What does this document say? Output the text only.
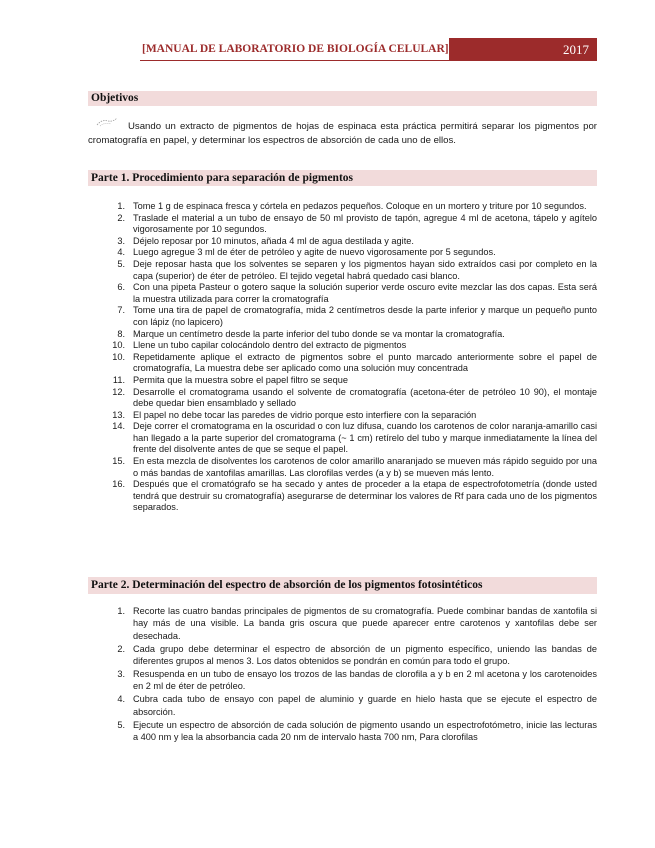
[MANUAL DE LABORATORIO DE BIOLOGÍA CELULAR]	2017
Objetivos

Usando un extracto de pigmentos de hojas de espinaca esta práctica permitirá separar los pigmentos por cromatografía en papel, y determinar los espectros de absorción de cada uno de ellos.

Parte 1. Procedimiento para separación de pigmentos
1. Tome 1 g de espinaca fresca y córtela en pedazos pequeños. Coloque en un mortero y triture por 10 segundos.
2. Traslade el material a un tubo de ensayo de 50 ml provisto de tapón, agregue 4 ml de acetona, tápelo y agítelo vigorosamente por 10 segundos.
3. Déjelo reposar por 10 minutos, añada 4 ml de agua destilada y agite.
4. Luego agregue 3 ml de éter de petróleo y agite de nuevo vigorosamente por 5 segundos.
5. Deje reposar hasta que los solventes se separen y los pigmentos hayan sido extraídos casi por completo en la capa (superior) de éter de petróleo. El tejido vegetal habrá quedado casi blanco.
6. Con una pipeta Pasteur o gotero saque la solución superior verde oscuro evite mezclar las dos capas. Esta será la muestra utilizada para correr la cromatografía
7. Tome una tira de papel de cromatografía, mida 2 centímetros desde la parte inferior y marque un pequeño punto con lápiz (no lapicero)
8. Marque un centímetro desde la parte inferior del tubo donde se va montar la cromatografía.
10. Llene un tubo capilar colocándolo dentro del extracto de pigmentos
10. Repetidamente aplique el extracto de pigmentos sobre el punto marcado anteriormente sobre el papel de cromatografía, La muestra debe ser aplicado como una solución muy concentrada
11. Permita que la muestra sobre el papel filtro se seque
12. Desarrolle el cromatograma usando el solvente de cromatografía (acetona-éter de petróleo 10 90), el montaje debe quedar bien ensamblado y sellado
13. El papel no debe tocar las paredes de vidrio porque esto interfiere con la separación
14. Deje correr el cromatograma en la oscuridad o con luz difusa, cuando los carotenos de color naranja-amarillo casi han llegado a la parte superior del cromatograma (~ 1 cm) retírelo del tubo y marque inmediatamente la línea del frente del disolvente antes de que se seque el papel.
15. En esta mezcla de disolventes los carotenos de color amarillo anaranjado se mueven más rápido seguido por una o más bandas de xantofilas amarillas. Las clorofilas verdes (a y b) se mueven más lento.
16. Después que el cromatógrafo se ha secado y antes de proceder a la etapa de espectrofotometría (donde usted tendrá que destruir su cromatografía) asegurarse de determinar los valores de Rf para cada uno de los pigmentos separados.
Parte 2. Determinación del espectro de absorción de los pigmentos fotosintéticos
1. Recorte las cuatro bandas principales de pigmentos de su cromatografía. Puede combinar bandas de xantofila si hay más de una visible. La banda gris oscura que puede aparecer entre carotenos y xantofilas debe ser desechada.
2. Cada grupo debe determinar el espectro de absorción de un pigmento específico, uniendo las bandas de diferentes grupos al menos 3. Los datos obtenidos se pondrán en común para todo el grupo.
3. Resuspenda en un tubo de ensayo los trozos de las bandas de clorofila a y b en 2 ml acetona y los carotenoides en 2 ml de éter de petróleo.
4. Cubra cada tubo de ensayo con papel de aluminio y guarde en hielo hasta que se ejecute el espectro de absorción.
5. Ejecute un espectro de absorción de cada solución de pigmento usando un espectrofotómetro, inicie las lecturas a 400 nm y lea la absorbancia cada 20 nm de intervalo hasta 700 nm, Para clorofilas
